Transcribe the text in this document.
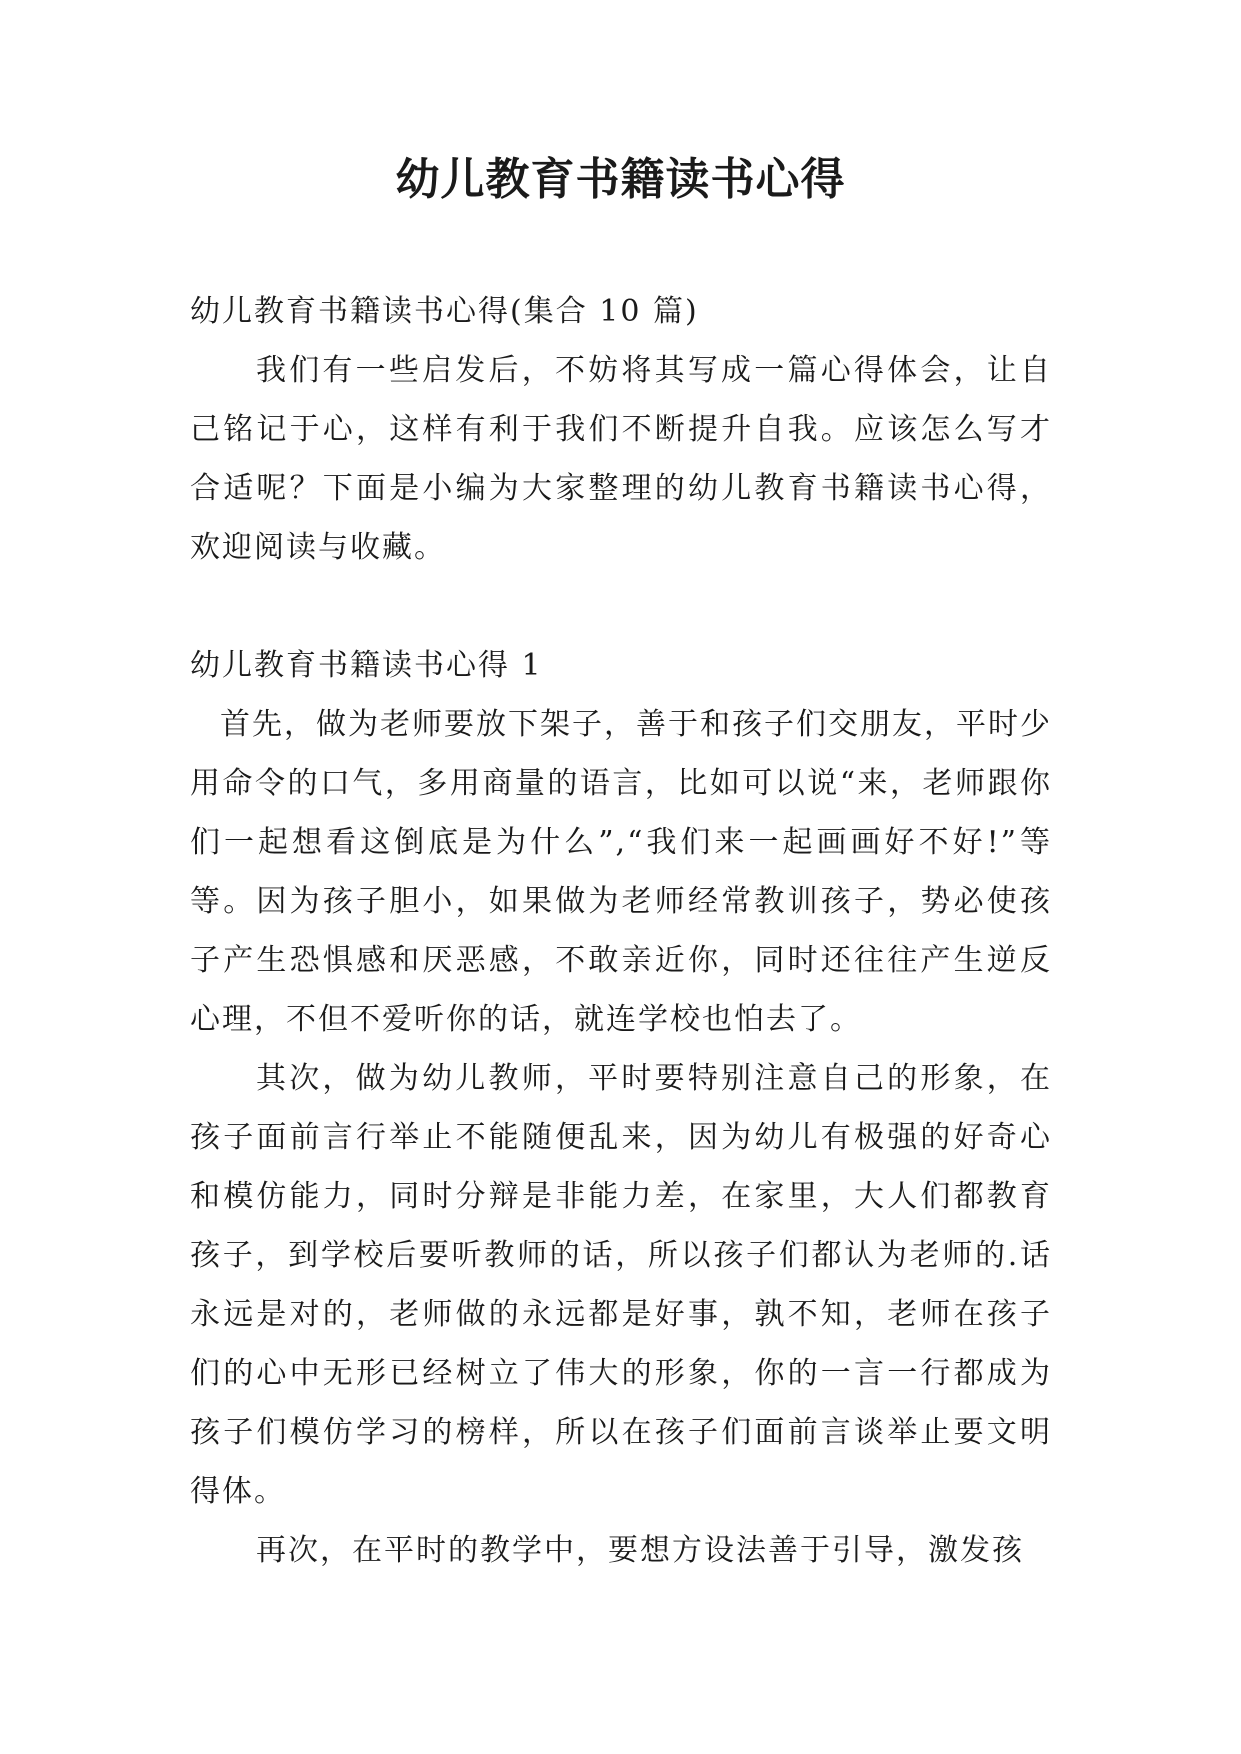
幼儿教育书籍读书心得

幼儿教育书籍读书心得(集合 10 篇)

我们有一些启发后，不妨将其写成一篇心得体会，让自己铭记于心，这样有利于我们不断提升自我。应该怎么写才合适呢？下面是小编为大家整理的幼儿教育书籍读书心得，欢迎阅读与收藏。

幼儿教育书籍读书心得 1

首先，做为老师要放下架子，善于和孩子们交朋友，平时少用命令的口气，多用商量的语言，比如可以说“来，老师跟你们一起想看这倒底是为什么”,“我们来一起画画好不好!”等等。因为孩子胆小，如果做为老师经常教训孩子，势必使孩子产生恐惧感和厌恶感，不敢亲近你，同时还往往产生逆反心理，不但不爱听你的话，就连学校也怕去了。

其次，做为幼儿教师，平时要特别注意自己的形象，在孩子面前言行举止不能随便乱来，因为幼儿有极强的好奇心和模仿能力，同时分辩是非能力差，在家里，大人们都教育孩子，到学校后要听教师的话，所以孩子们都认为老师的.话永远是对的，老师做的永远都是好事，孰不知，老师在孩子们的心中无形已经树立了伟大的形象，你的一言一行都成为孩子们模仿学习的榜样，所以在孩子们面前言谈举止要文明得体。

再次，在平时的教学中，要想方设法善于引导，激发孩
